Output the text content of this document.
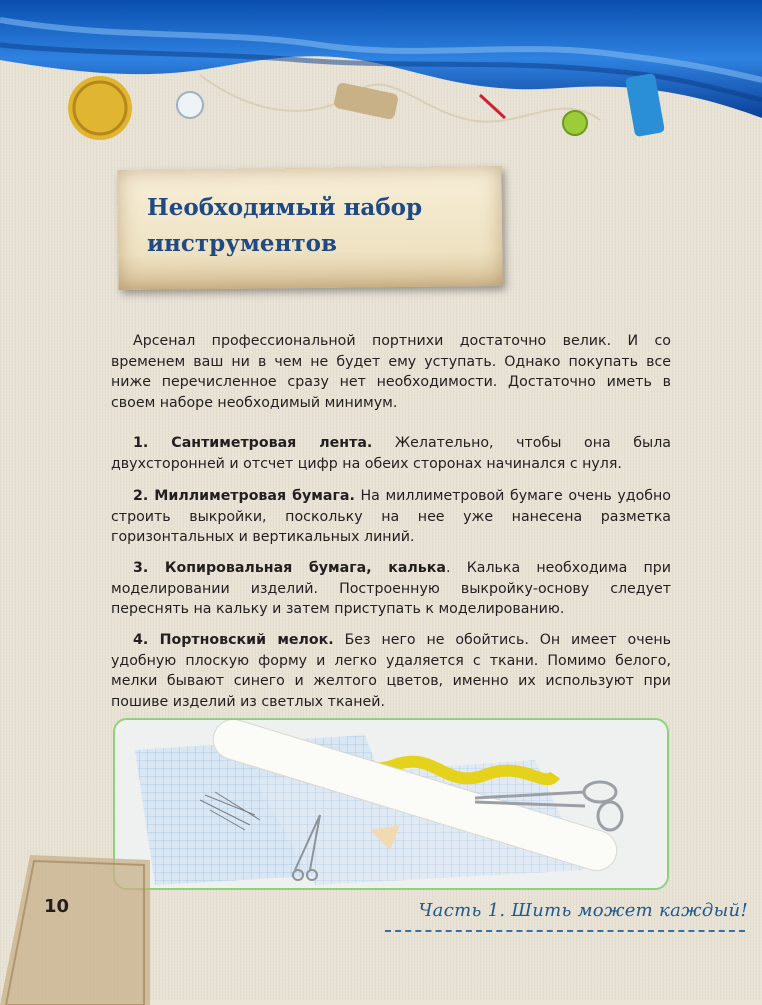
Необходимый набор инструментов

Арсенал профессиональной портнихи достаточно велик. И со временем ваш ни в чем не будет ему уступать. Однако покупать все ниже перечисленное сразу нет необходимости. Достаточно иметь в своем наборе необходимый минимум.

1. Сантиметровая лента. Желательно, чтобы она была двухсторонней и отсчет цифр на обеих сторонах начинался с нуля.

2. Миллиметровая бумага. На миллиметровой бумаге очень удобно строить выкройки, поскольку на нее уже нанесена разметка горизонтальных и вертикальных линий.

3. Копировальная бумага, калька. Калька необходима при моделировании изделий. Построенную выкройку-основу следует переснять на кальку и затем приступать к моделированию.

4. Портновский мелок. Без него не обойтись. Он имеет очень удобную плоскую форму и легко удаляется с ткани. Помимо белого, мелки бывают синего и желтого цветов, именно их используют при пошиве изделий из светлых тканей.

10	Часть 1. Шить может каждый!
